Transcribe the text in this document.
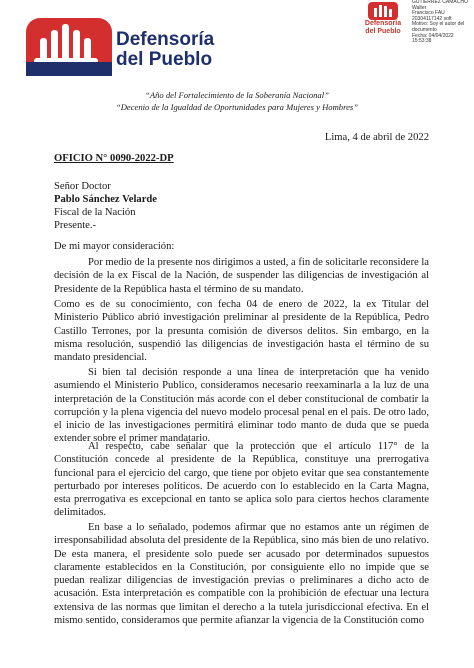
Defensoría
del Pueblo
Defensoría
del Pueblo
GUTIERREZ CAMACHO Walter
Francisco FAU 20304117142 soft
Motivo: Soy el autor del
documento
Fecha: 04/04/2022 15:53:38
“Año del Fortalecimiento de la Soberanía Nacional”
“Decenio de la Igualdad de Oportunidades para Mujeres y Hombres”
Lima, 4 de abril de 2022
OFICIO N° 0090-2022-DP
Señor Doctor
Pablo Sánchez Velarde
Fiscal de la Nación
Presente.-
De mi mayor consideración:

Por medio de la presente nos dirigimos a usted, a fin de solicitarle reconsidere la decisión de la ex Fiscal de la Nación, de suspender las diligencias de investigación al Presidente de la República hasta el término de su mandato.

Como es de su conocimiento, con fecha 04 de enero de 2022, la ex Titular del Ministerio Público abrió investigación preliminar al presidente de la República, Pedro Castillo Terrones, por la presunta comisión de diversos delitos. Sin embargo, en la misma resolución, suspendió las diligencias de investigación hasta el término de su mandato presidencial.

Si bien tal decisión responde a una línea de interpretación que ha venido asumiendo el Ministerio Publico, consideramos necesario reexaminarla a la luz de una interpretación de la Constitución más acorde con el deber constitucional de combatir la corrupción y la plena vigencia del nuevo modelo procesal penal en el país. De otro lado, el inicio de las investigaciones permitirá eliminar todo manto de duda que se pueda extender sobre el primer mandatario.

Al respecto, cabe señalar que la protección que el artículo 117° de la Constitución concede al presidente de la República, constituye una prerrogativa funcional para el ejercicio del cargo, que tiene por objeto evitar que sea constantemente perturbado por intereses políticos. De acuerdo con lo establecido en la Carta Magna, esta prerrogativa es excepcional en tanto se aplica solo para ciertos hechos claramente delimitados.

En base a lo señalado, podemos afirmar que no estamos ante un régimen de irresponsabilidad absoluta del presidente de la República, sino más bien de uno relativo. De esta manera, el presidente solo puede ser acusado por determinados supuestos claramente establecidos en la Constitución, por consiguiente ello no impide que se puedan realizar diligencias de investigación previas o preliminares a dicho acto de acusación. Esta interpretación es compatible con la prohibición de efectuar una lectura extensiva de las normas que limitan el derecho a la tutela jurisdiccional efectiva. En el mismo sentido, consideramos que permite afianzar la vigencia de la Constitución como
